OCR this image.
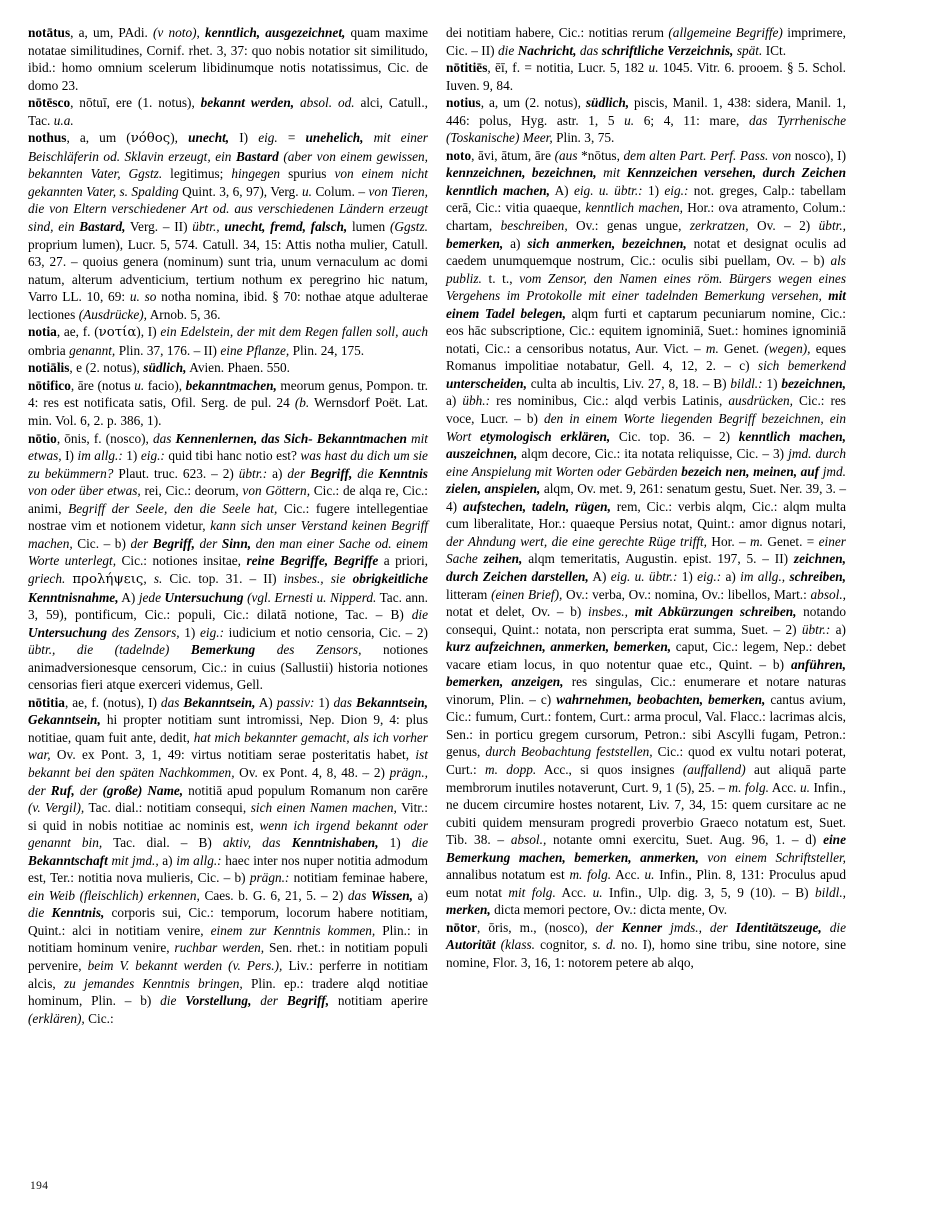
notātus, a, um, PAdi. (v noto), kenntlich, ausgezeichnet, quam maxime notatae similitudines, Cornif. rhet. 3, 37: quo nobis notatior sit similitudo, ibid.: homo omnium scelerum libidinumque notis notatissimus, Cic. de domo 23.

nōtēsco, nōtuī, ere (1. notus), bekannt werden, absol. od. alci, Catull., Tac. u.a.

nothus, a, um (νόθος), unecht, I) eig. = unehelich, mit einer Beischläferin od. Sklavin erzeugt, ein Bastard (aber von einem gewissen, bekannten Vater, Ggstz. legitimus; hingegen spurius von einem nicht gekannten Vater, s. Spalding Quint. 3, 6, 97), Verg. u. Colum. – von Tieren, die von Eltern verschiedener Art od. aus verschiedenen Ländern erzeugt sind, ein Bastard, Verg. – II) übtr., unecht, fremd, falsch, lumen (Ggstz. proprium lumen), Lucr. 5, 574. Catull. 34, 15: Attis notha mulier, Catull. 63, 27. – quoius genera (nominum) sunt tria, unum vernaculum ac domi natum, alterum adventicium, tertium nothum ex peregrino hic natum, Varro LL. 10, 69: u. so notha nomina, ibid. § 70: nothae atque adulterae lectiones (Ausdrücke), Arnob. 5, 36.

notia, ae, f. (νοτία), I) ein Edelstein, der mit dem Regen fallen soll, auch ombria genannt, Plin. 37, 176. – II) eine Pflanze, Plin. 24, 175.

notiālis, e (2. notus), südlich, Avien. Phaen. 550.

nōtifico, āre (notus u. facio), bekanntmachen, meorum genus, Pompon. tr. 4: res est notificata satis, Ofil. Serg. de pul. 24 (b. Wernsdorf Poët. Lat. min. Vol. 6, 2. p. 386, 1).

nōtio, ōnis, f. (nosco), das Kennenlernen, das Sich- Bekanntmachen mit etwas, I) im allg.: 1) eig.: quid tibi hanc notio est? was hast du dich um sie zu bekümmern? Plaut. truc. 623. – 2) übtr.: a) der Begriff, die Kenntnis von oder über etwas, rei, Cic.: deorum, von Göttern, Cic.: de alqa re, Cic.: animi, Begriff der Seele, den die Seele hat, Cic.: fugere intellegentiae nostrae vim et notionem videtur, kann sich unser Verstand keinen Begriff machen, Cic. – b) der Begriff, der Sinn, den man einer Sache od. einem Worte unterlegt, Cic.: notiones insitae, reine Begriffe, Begriffe a priori, griech. προλήψεις, s. Cic. top. 31. – II) insbes., sie obrigkeitliche Kenntnisnahme, A) jede Untersuchung (vgl. Ernesti u. Nipperd. Tac. ann. 3, 59), pontificum, Cic.: populi, Cic.: dilatā notione, Tac. – B) die Untersuchung des Zensors, 1) eig.: iudicium et notio censoria, Cic. – 2) übtr., die (tadelnde) Bemerkung des Zensors, notiones animadversionesque censorum, Cic.: in cuius (Sallustii) historia notiones censorias fieri atque exerceri videmus, Gell.

nōtitia, ae, f. (notus), I) das Bekanntsein, A) passiv: 1) das Bekanntsein, Gekanntsein, hi propter notitiam sunt intromissi, Nep. Dion 9, 4: plus notitiae, quam fuit ante, dedit, hat mich bekannter gemacht, als ich vorher war, Ov. ex Pont. 3, 1, 49: virtus notitiam serae posteritatis habet, ist bekannt bei den späten Nachkommen, Ov. ex Pont. 4, 8, 48. – 2) prägn., der Ruf, der (große) Name, notitiā apud populum Romanum non carēre (v. Vergil), Tac. dial.: notitiam consequi, sich einen Namen machen, Vitr.: si quid in nobis notitiae ac nominis est, wenn ich irgend bekannt oder genannt bin, Tac. dial. – B) aktiv, das Kenntnishaben, 1) die Bekanntschaft mit jmd., a) im allg.: haec inter nos nuper notitia admodum est, Ter.: notitia nova mulieris, Cic. – b) prägn.: notitiam feminae habere, ein Weib (fleischlich) erkennen, Caes. b. G. 6, 21, 5. – 2) das Wissen, a) die Kenntnis, corporis sui, Cic.: temporum, locorum habere notitiam, Quint.: alci in notitiam venire, einem zur Kenntnis kommen, Plin.: in notitiam hominum venire, ruchbar werden, Sen. rhet.: in notitiam populi pervenire, beim V. bekannt werden (v. Pers.), Liv.: perferre in notitiam alcis, zu jemandes Kenntnis bringen, Plin. ep.: tradere alqd notitiae hominum, Plin. – b) die Vorstellung, der Begriff, notitiam aperire (erklären), Cic.:

dei notitiam habere, Cic.: notitias rerum (allgemeine Begriffe) imprimere, Cic. – II) die Nachricht, das schriftliche Verzeichnis, spät. ICt.

nōtitiēs, ēī, f. = notitia, Lucr. 5, 182 u. 1045. Vitr. 6. prooem. § 5. Schol. Iuven. 9, 84.

notius, a, um (2. notus), südlich, piscis, Manil. 1, 438: sidera, Manil. 1, 446: polus, Hyg. astr. 1, 5 u. 6; 4, 11: mare, das Tyrrhenische (Toskanische) Meer, Plin. 3, 75.

noto, āvi, ātum, āre (aus *nōtus, dem alten Part. Perf. Pass. von nosco), I) kennzeichnen, bezeichnen, mit Kennzeichen versehen, durch Zeichen kenntlich machen, A) eig. u. übtr.: 1) eig.: not. greges, Calp.: tabellam cerā, Cic.: vitia quaeque, kenntlich machen, Hor.: ova atramento, Colum.: chartam, beschreiben, Ov.: genas ungue, zerkratzen, Ov. – 2) übtr., bemerken, a) sich anmerken, bezeichnen, notat et designat oculis ad caedem unumquemque nostrum, Cic.: oculis sibi puellam, Ov. – b) als publiz. t. t., vom Zensor, den Namen eines röm. Bürgers wegen eines Vergehens im Protokolle mit einer tadelnden Bemerkung versehen, mit einem Tadel belegen, alqm furti et captarum pecuniarum nomine, Cic.: eos hāc subscriptione, Cic.: equitem ignominiā, Suet.: homines ignominiā notati, Cic.: a censoribus notatus, Aur. Vict. – m. Genet. (wegen), eques Romanus impolitiae notabatur, Gell. 4, 12, 2. – c) sich bemerkend unterscheiden, culta ab incultis, Liv. 27, 8, 18. – B) bildl.: 1) bezeichnen, a) übh.: res nominibus, Cic.: alqd verbis Latinis, ausdrücken, Cic.: res voce, Lucr. – b) den in einem Worte liegenden Begriff bezeichnen, ein Wort etymologisch erklären, Cic. top. 36. – 2) kenntlich machen, auszeichnen, alqm decore, Cic.: ita notata reliquisse, Cic. – 3) jmd. durch eine Anspielung mit Worten oder Gebärden bezeich nen, meinen, auf jmd. zielen, anspielen, alqm, Ov. met. 9, 261: senatum gestu, Suet. Ner. 39, 3. – 4) aufstechen, tadeln, rügen, rem, Cic.: verbis alqm, Cic.: alqm multa cum liberalitate, Hor.: quaeque Persius notat, Quint.: amor dignus notari, der Ahndung wert, die eine gerechte Rüge trifft, Hor. – m. Genet. = einer Sache zeihen, alqm temeritatis, Augustin. epist. 197, 5. – II) zeichnen, durch Zeichen darstellen, A) eig. u. übtr.: 1) eig.: a) im allg., schreiben, litteram (einen Brief), Ov.: verba, Ov.: nomina, Ov.: libellos, Mart.: absol., notat et delet, Ov. – b) insbes., mit Abkürzungen schreiben, notando consequi, Quint.: notata, non perscripta erat summa, Suet. – 2) übtr.: a) kurz aufzeichnen, anmerken, bemerken, caput, Cic.: legem, Nep.: debet vacare etiam locus, in quo notentur quae etc., Quint. – b) anführen, bemerken, anzeigen, res singulas, Cic.: enumerare et notare naturas vinorum, Plin. – c) wahrnehmen, beobachten, bemerken, cantus avium, Cic.: fumum, Curt.: fontem, Curt.: arma procul, Val. Flacc.: lacrimas alcis, Sen.: in porticu gregem cursorum, Petron.: sibi Ascylli fugam, Petron.: genus, durch Beobachtung feststellen, Cic.: quod ex vultu notari poterat, Curt.: m. dopp. Acc., si quos insignes (auffallend) aut aliquā parte membrorum inutiles notaverunt, Curt. 9, 1 (5), 25. – m. folg. Acc. u. Infin., ne ducem circumire hostes notarent, Liv. 7, 34, 15: quem cursitare ac ne cubiti quidem mensuram progredi proverbio Graeco notatum est, Suet. Tib. 38. – absol., notante omni exercitu, Suet. Aug. 96, 1. – d) eine Bemerkung machen, bemerken, anmerken, von einem Schriftsteller, annalibus notatum est m. folg. Acc. u. Infin., Plin. 8, 131: Proculus apud eum notat mit folg. Acc. u. Infin., Ulp. dig. 3, 5, 9 (10). – B) bildl., merken, dicta memori pectore, Ov.: dicta mente, Ov.

nōtor, ōris, m., (nosco), der Kenner jmds., der Identitätszeuge, die Autorität (klass. cognitor, s. d. no. I), homo sine tribu, sine notore, sine nomine, Flor. 3, 16, 1: notorem petere ab alqo,

194
